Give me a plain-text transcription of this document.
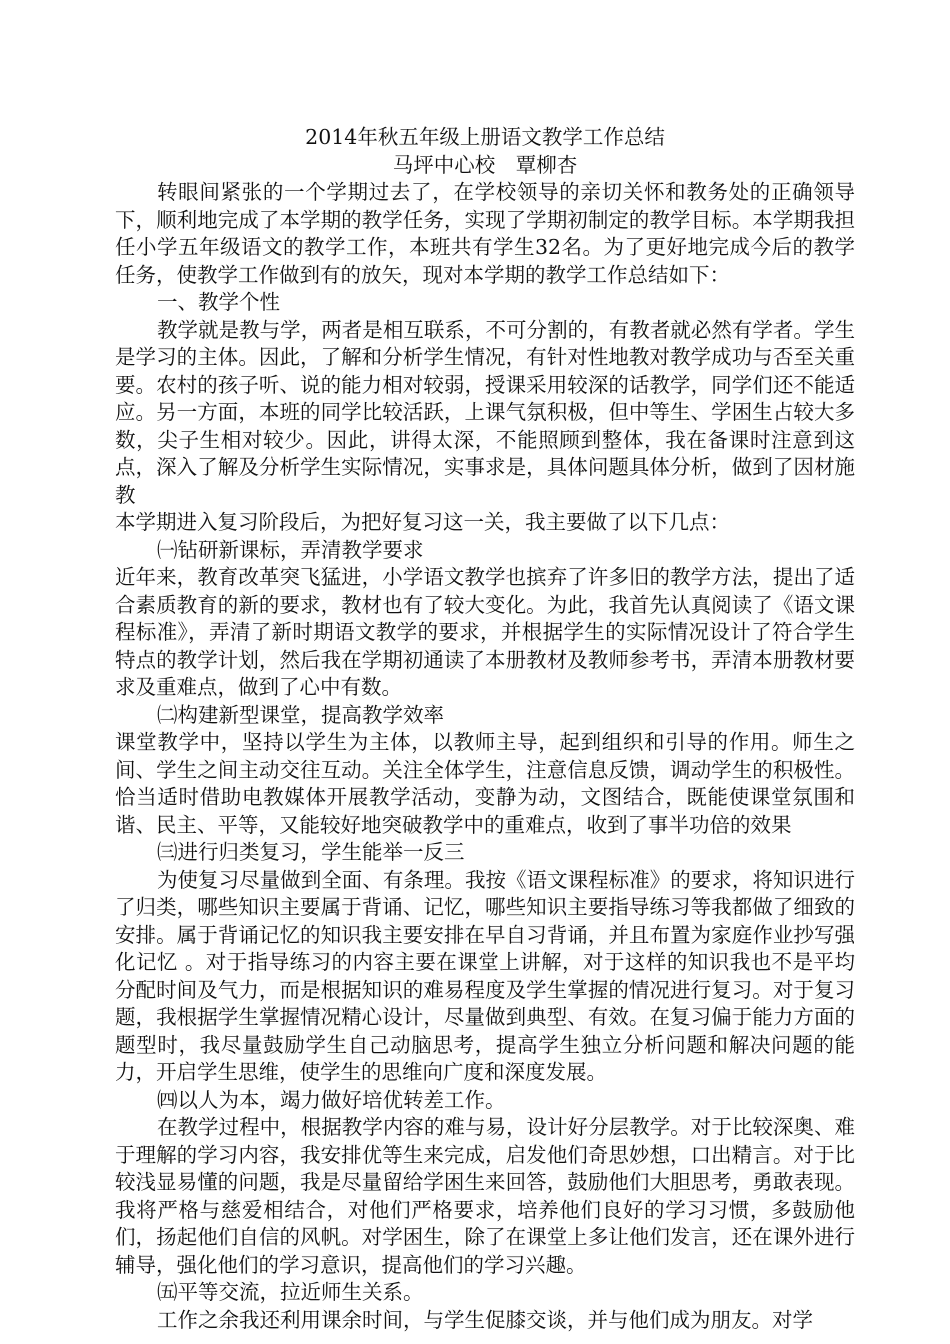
2014年秋五年级上册语文教学工作总结

马坪中心校　覃柳杏

转眼间紧张的一个学期过去了，在学校领导的亲切关怀和教务处的正确领导下，顺利地完成了本学期的教学任务，实现了学期初制定的教学目标。本学期我担任小学五年级语文的教学工作，本班共有学生32名。为了更好地完成今后的教学任务，使教学工作做到有的放矢，现对本学期的教学工作总结如下：

一、教学个性

教学就是教与学，两者是相互联系，不可分割的，有教者就必然有学者。学生是学习的主体。因此，了解和分析学生情况，有针对性地教对教学成功与否至关重要。农村的孩子听、说的能力相对较弱，授课采用较深的话教学，同学们还不能适应。另一方面，本班的同学比较活跃，上课气氛积极，但中等生、学困生占较大多数，尖子生相对较少。因此，讲得太深，不能照顾到整体，我在备课时注意到这点，深入了解及分析学生实际情况，实事求是，具体问题具体分析，做到了因材施教

本学期进入复习阶段后，为把好复习这一关，我主要做了以下几点：

㈠钻研新课标，弄清教学要求

近年来，教育改革突飞猛进，小学语文教学也摈弃了许多旧的教学方法，提出了适合素质教育的新的要求，教材也有了较大变化。为此，我首先认真阅读了《语文课程标准》，弄清了新时期语文教学的要求，并根据学生的实际情况设计了符合学生特点的教学计划，然后我在学期初通读了本册教材及教师参考书，弄清本册教材要求及重难点，做到了心中有数。

㈡构建新型课堂，提高教学效率

课堂教学中，坚持以学生为主体，以教师主导，起到组织和引导的作用。师生之间、学生之间主动交往互动。关注全体学生，注意信息反馈，调动学生的积极性。恰当适时借助电教媒体开展教学活动，变静为动，文图结合，既能使课堂氛围和谐、民主、平等，又能较好地突破教学中的重难点，收到了事半功倍的效果

㈢进行归类复习，学生能举一反三

为使复习尽量做到全面、有条理。我按《语文课程标准》的要求，将知识进行了归类，哪些知识主要属于背诵、记忆，哪些知识主要指导练习等我都做了细致的安排。属于背诵记忆的知识我主要安排在早自习背诵，并且布置为家庭作业抄写强化记忆 。对于指导练习的内容主要在课堂上讲解，对于这样的知识我也不是平均分配时间及气力，而是根据知识的难易程度及学生掌握的情况进行复习。对于复习题，我根据学生掌握情况精心设计，尽量做到典型、有效。在复习偏于能力方面的题型时，我尽量鼓励学生自己动脑思考，提高学生独立分析问题和解决问题的能力，开启学生思维，使学生的思维向广度和深度发展。

㈣以人为本，竭力做好培优转差工作。

在教学过程中，根据教学内容的难与易，设计好分层教学。对于比较深奥、难于理解的学习内容，我安排优等生来完成，启发他们奇思妙想，口出精言。对于比较浅显易懂的问题，我是尽量留给学困生来回答，鼓励他们大胆思考，勇敢表现。我将严格与慈爱相结合，对他们严格要求，培养他们良好的学习习惯，多鼓励他们，扬起他们自信的风帆。对学困生，除了在课堂上多让他们发言，还在课外进行辅导，强化他们的学习意识，提高他们的学习兴趣。

㈤平等交流，拉近师生关系。

工作之余我还利用课余时间，与学生促膝交谈，并与他们成为朋友。对学
